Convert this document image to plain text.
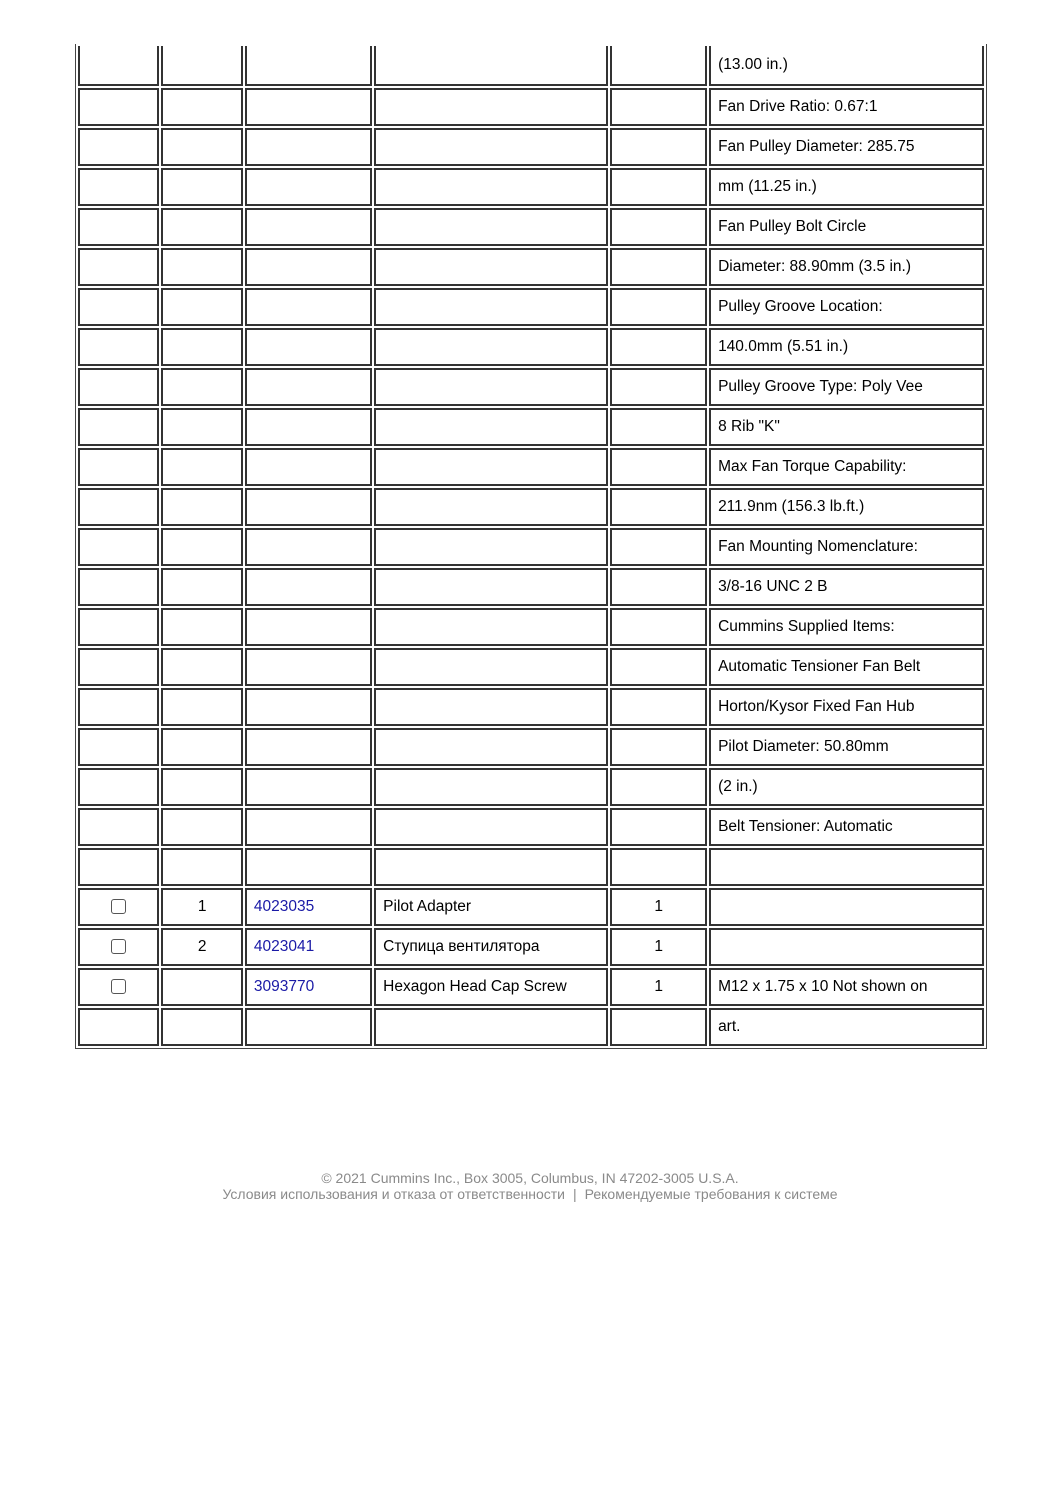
					(13.00 in.)
					Fan Drive Ratio: 0.67:1
					Fan Pulley Diameter: 285.75
					mm (11.25 in.)
					Fan Pulley Bolt Circle
					Diameter: 88.90mm (3.5 in.)
					Pulley Groove Location:
					140.0mm (5.51 in.)
					Pulley Groove Type: Poly Vee
					8 Rib "K"
					Max Fan Torque Capability:
					211.9nm (156.3 lb.ft.)
					Fan Mounting Nomenclature:
					3/8-16 UNC 2 B
					Cummins Supplied Items:
					Automatic Tensioner Fan Belt
					Horton/Kysor Fixed Fan Hub
					Pilot Diameter: 50.80mm
					(2 in.)
					Belt Tensioner: Automatic

	1	4023035	Pilot Adapter	1	
	2	4023041	Ступица вентилятора	1	
		3093770	Hexagon Head Cap Screw	1	M12 x 1.75 x 10 Not shown on
					art.
© 2021 Cummins Inc., Box 3005, Columbus, IN 47202-3005 U.S.A.
Условия использования и отказа от ответственности | Рекомендуемые требования к системе
